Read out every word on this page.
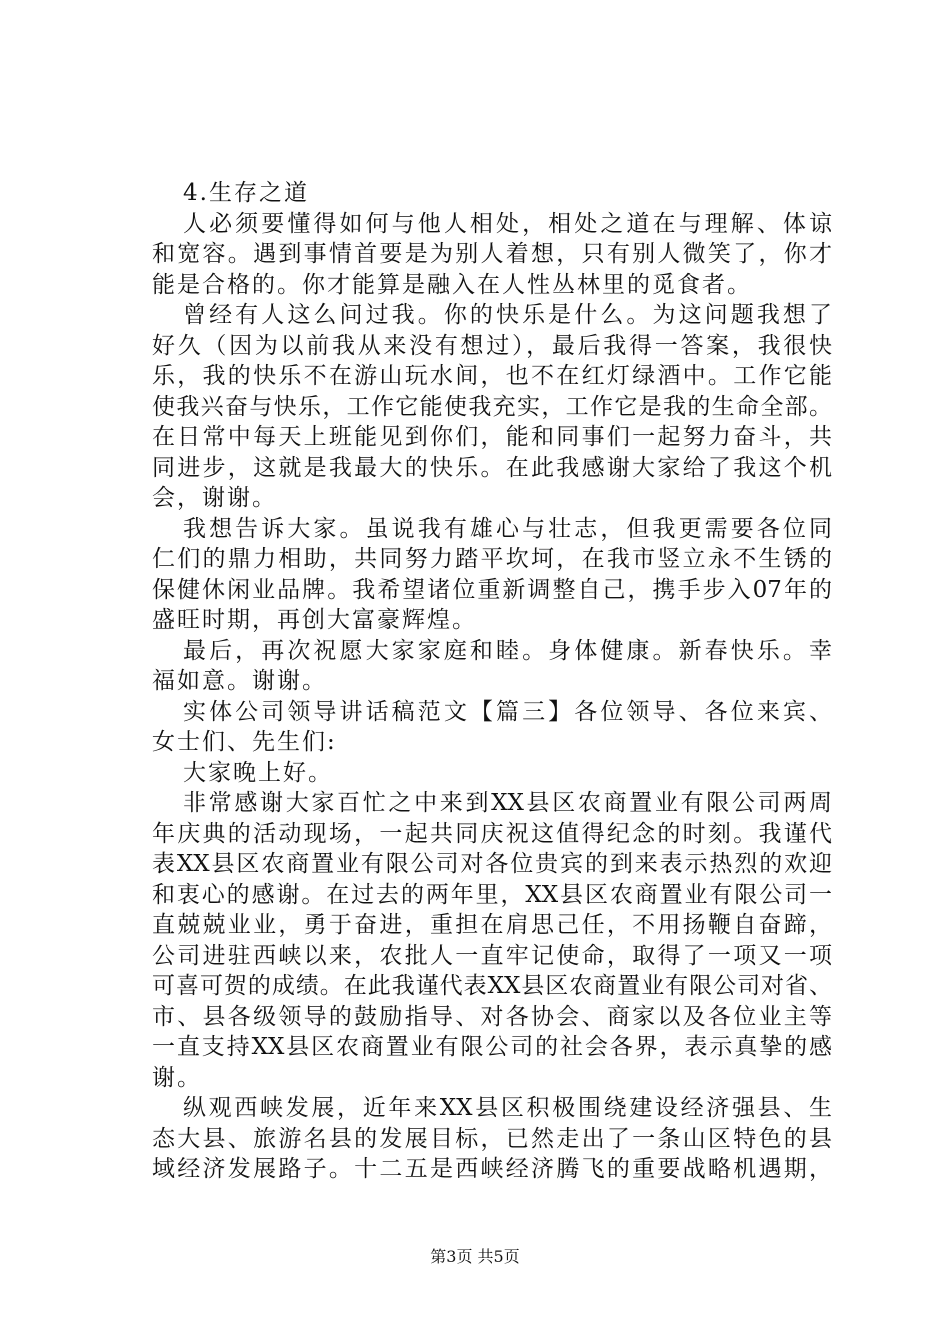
4.生存之道
人必须要懂得如何与他人相处，相处之道在与理解、体谅
和宽容。遇到事情首要是为别人着想，只有别人微笑了，你才
能是合格的。你才能算是融入在人性丛林里的觅食者。
曾经有人这么问过我。你的快乐是什么。为这问题我想了
好久（因为以前我从来没有想过），最后我得一答案，我很快
乐，我的快乐不在游山玩水间，也不在红灯绿酒中。工作它能
使我兴奋与快乐，工作它能使我充实，工作它是我的生命全部。
在日常中每天上班能见到你们，能和同事们一起努力奋斗，共
同进步，这就是我最大的快乐。在此我感谢大家给了我这个机
会，谢谢。
我想告诉大家。虽说我有雄心与壮志，但我更需要各位同
仁们的鼎力相助，共同努力踏平坎坷，在我市竖立永不生锈的
保健休闲业品牌。我希望诸位重新调整自己，携手步入07年的
盛旺时期，再创大富豪辉煌。
最后，再次祝愿大家家庭和睦。身体健康。新春快乐。幸
福如意。谢谢。
实体公司领导讲话稿范文【篇三】各位领导、各位来宾、
女士们、先生们:
大家晚上好。
非常感谢大家百忙之中来到XX县区农商置业有限公司两周
年庆典的活动现场，一起共同庆祝这值得纪念的时刻。我谨代
表XX县区农商置业有限公司对各位贵宾的到来表示热烈的欢迎
和衷心的感谢。在过去的两年里，XX县区农商置业有限公司一
直兢兢业业，勇于奋进，重担在肩思己任，不用扬鞭自奋蹄，
公司进驻西峡以来，农批人一直牢记使命，取得了一项又一项
可喜可贺的成绩。在此我谨代表XX县区农商置业有限公司对省、
市、县各级领导的鼓励指导、对各协会、商家以及各位业主等
一直支持XX县区农商置业有限公司的社会各界，表示真挚的感
谢。
纵观西峡发展，近年来XX县区积极围绕建设经济强县、生
态大县、旅游名县的发展目标，已然走出了一条山区特色的县
域经济发展路子。十二五是西峡经济腾飞的重要战略机遇期，
第3页 共5页
